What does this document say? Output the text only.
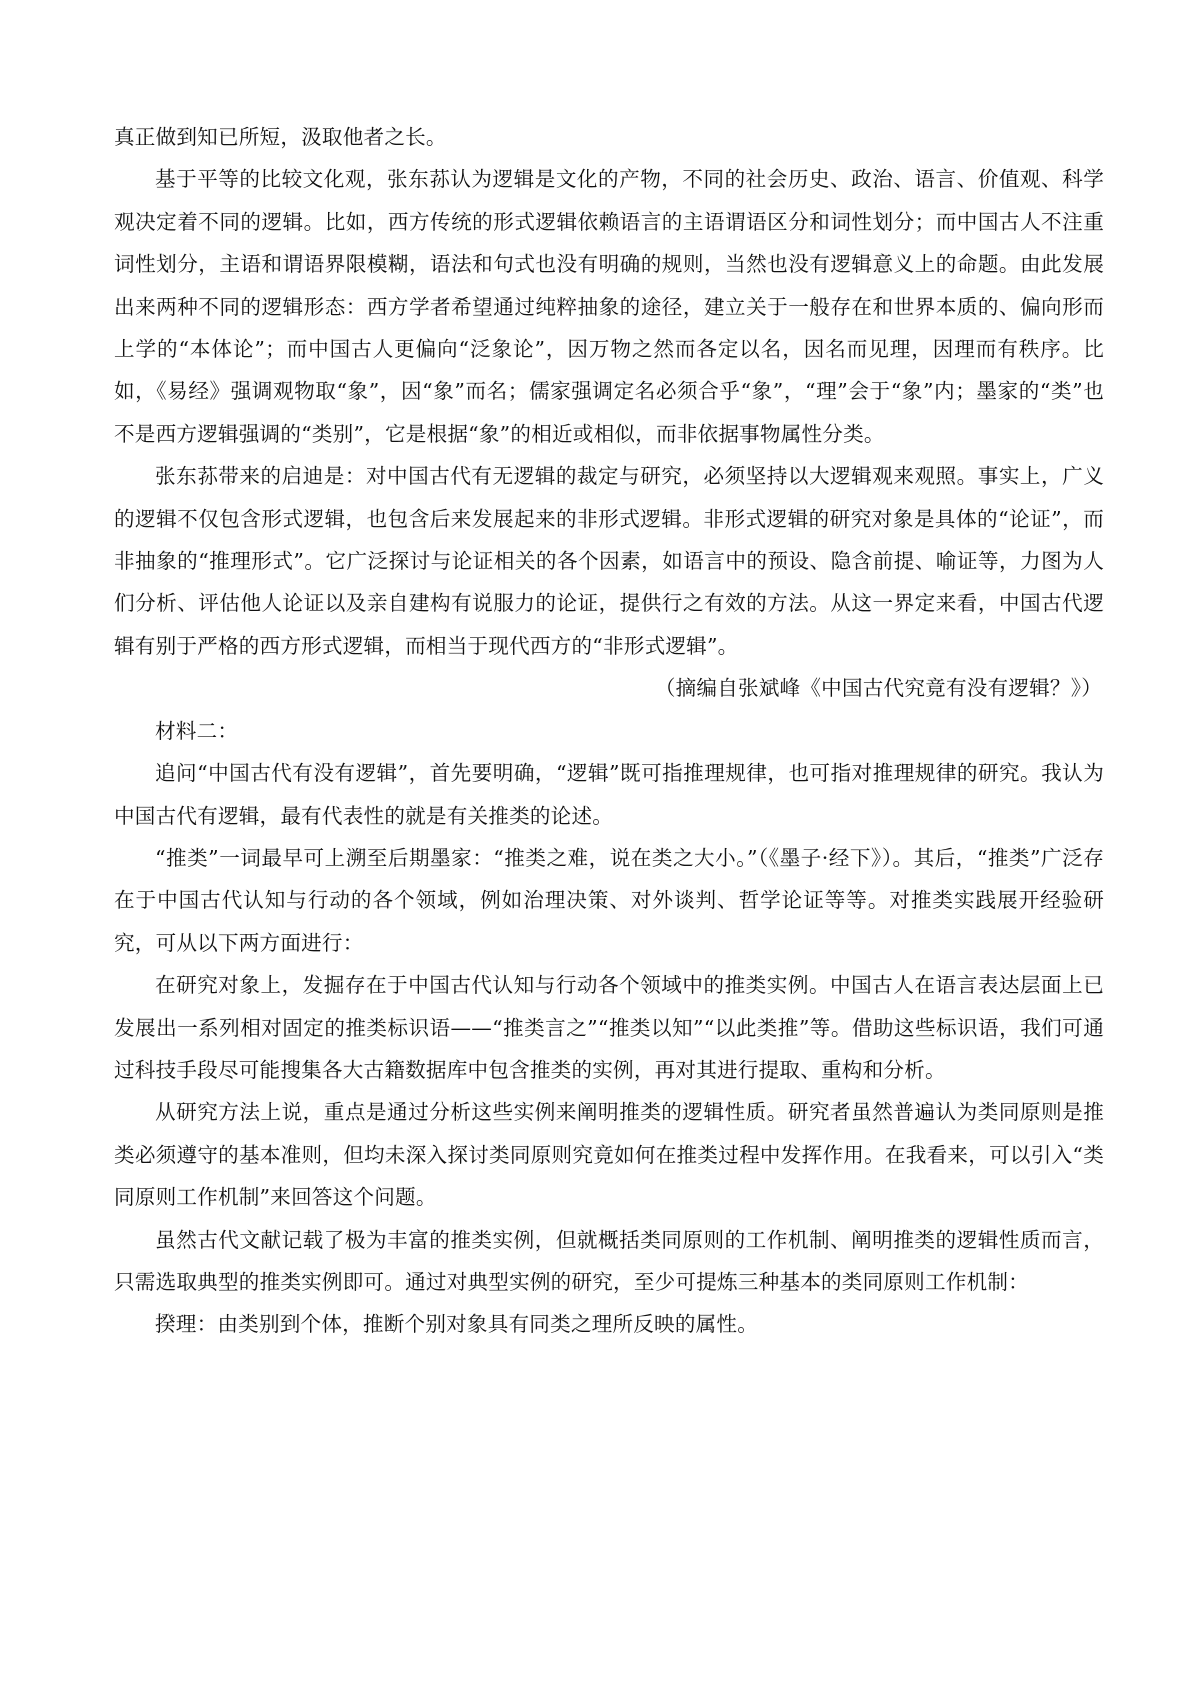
真正做到知已所短，汲取他者之长。

基于平等的比较文化观，张东荪认为逻辑是文化的产物，不同的社会历史、政治、语言、价值观、科学观决定着不同的逻辑。比如，西方传统的形式逻辑依赖语言的主语谓语区分和词性划分；而中国古人不注重词性划分，主语和谓语界限模糊，语法和句式也没有明确的规则，当然也没有逻辑意义上的命题。由此发展出来两种不同的逻辑形态：西方学者希望通过纯粹抽象的途径，建立关于一般存在和世界本质的、偏向形而上学的“本体论”；而中国古人更偏向“泛象论”，因万物之然而各定以名，因名而见理，因理而有秩序。比如，《易经》强调观物取“象”，因“象”而名；儒家强调定名必须合乎“象”，“理”会于“象”内；墨家的“类”也不是西方逻辑强调的“类别”，它是根据“象”的相近或相似，而非依据事物属性分类。

张东荪带来的启迪是：对中国古代有无逻辑的裁定与研究，必须坚持以大逻辑观来观照。事实上，广义的逻辑不仅包含形式逻辑，也包含后来发展起来的非形式逻辑。非形式逻辑的研究对象是具体的“论证”，而非抽象的“推理形式”。它广泛探讨与论证相关的各个因素，如语言中的预设、隐含前提、喻证等，力图为人们分析、评估他人论证以及亲自建构有说服力的论证，提供行之有效的方法。从这一界定来看，中国古代逻辑有别于严格的西方形式逻辑，而相当于现代西方的“非形式逻辑”。

（摘编自张斌峰《中国古代究竟有没有逻辑？》）

材料二：

追问“中国古代有没有逻辑”，首先要明确，“逻辑”既可指推理规律，也可指对推理规律的研究。我认为中国古代有逻辑，最有代表性的就是有关推类的论述。

“推类”一词最早可上溯至后期墨家：“推类之难，说在类之大小。”（《墨子·经下》）。其后，“推类”广泛存在于中国古代认知与行动的各个领域，例如治理决策、对外谈判、哲学论证等等。对推类实践展开经验研究，可从以下两方面进行：

在研究对象上，发掘存在于中国古代认知与行动各个领域中的推类实例。中国古人在语言表达层面上已发展出一系列相对固定的推类标识语——“推类言之”“推类以知”“以此类推”等。借助这些标识语，我们可通过科技手段尽可能搜集各大古籍数据库中包含推类的实例，再对其进行提取、重构和分析。

从研究方法上说，重点是通过分析这些实例来阐明推类的逻辑性质。研究者虽然普遍认为类同原则是推类必须遵守的基本准则，但均未深入探讨类同原则究竟如何在推类过程中发挥作用。在我看来，可以引入“类同原则工作机制”来回答这个问题。

虽然古代文献记载了极为丰富的推类实例，但就概括类同原则的工作机制、阐明推类的逻辑性质而言，只需选取典型的推类实例即可。通过对典型实例的研究，至少可提炼三种基本的类同原则工作机制：

揆理：由类别到个体，推断个别对象具有同类之理所反映的属性。
